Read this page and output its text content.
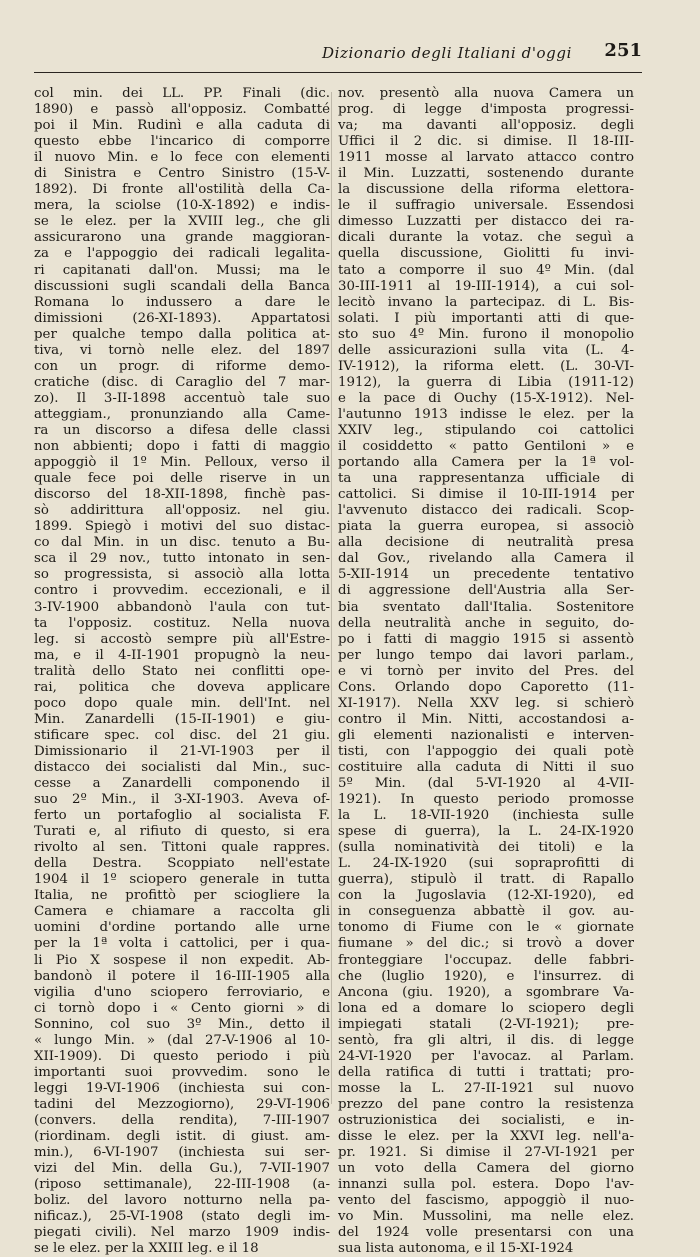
Dizionario degli Italiani d'oggi 251
col min. dei LL. PP. Finali (dic.
1890) e passò all'opposiz. Combatté
poi il Min. Rudinì e alla caduta di
questo ebbe l'incarico di comporre
il nuovo Min. e lo fece con elementi
di Sinistra e Centro Sinistro (15-V-
1892). Di fronte all'ostilità della Ca-
mera, la sciolse (10-X-1892) e indis-
se le elez. per la XVIII leg., che gli
assicurarono una grande maggioran-
za e l'appoggio dei radicali legalita-
ri capitanati dall'on. Mussi; ma le
discussioni sugli scandali della Banca
Romana lo indussero a dare le
dimissioni (26-XI-1893). Appartatosi
per qualche tempo dalla politica at-
tiva, vi tornò nelle elez. del 1897
con un progr. di riforme demo-
cratiche (disc. di Caraglio del 7 mar-
zo). Il 3-II-1898 accentuò tale suo
atteggiam., pronunziando alla Came-
ra un discorso a difesa delle classi
non abbienti; dopo i fatti di maggio
appoggiò il 1º Min. Pelloux, verso il
quale fece poi delle riserve in un
discorso del 18-XII-1898, finchè pas-
sò addirittura all'opposiz. nel giu.
1899. Spiegò i motivi del suo distac-
co dal Min. in un disc. tenuto a Bu-
sca il 29 nov., tutto intonato in sen-
so progressista, si associò alla lotta
contro i provvedim. eccezionali, e il
3-IV-1900 abbandonò l'aula con tut-
ta l'opposiz. costituz. Nella nuova
leg. si accostò sempre più all'Estre-
ma, e il 4-II-1901 propugnò la neu-
tralità dello Stato nei conflitti ope-
rai, politica che doveva applicare
poco dopo quale min. dell'Int. nel
Min. Zanardelli (15-II-1901) e giu-
stificare spec. col disc. del 21 giu.
Dimissionario il 21-VI-1903 per il
distacco dei socialisti dal Min., suc-
cesse a Zanardelli componendo il
suo 2º Min., il 3-XI-1903. Aveva of-
ferto un portafoglio al socialista F.
Turati e, al rifiuto di questo, si era
rivolto al sen. Tittoni quale rappres.
della Destra. Scoppiato nell'estate
1904 il 1º sciopero generale in tutta
Italia, ne profittò per sciogliere la
Camera e chiamare a raccolta gli
uomini d'ordine portando alle urne
per la 1ª volta i cattolici, per i qua-
li Pio X sospese il non expedit. Ab-
bandonò il potere il 16-III-1905 alla
vigilia d'uno sciopero ferroviario, e
ci tornò dopo i « Cento giorni » di
Sonnino, col suo 3º Min., detto il
« lungo Min. » (dal 27-V-1906 al 10-
XII-1909). Di questo periodo i più
importanti suoi provvedim. sono le
leggi 19-VI-1906 (inchiesta sui con-
tadini del Mezzogiorno), 29-VI-1906
(convers. della rendita), 7-III-1907
(riordinam. degli istit. di giust. am-
min.), 6-VI-1907 (inchiesta sui ser-
vizi del Min. della Gu.), 7-VII-1907
(riposo settimanale), 22-III-1908 (a-
boliz. del lavoro notturno nella pa-
nificaz.), 25-VI-1908 (stato degli im-
piegati civili). Nel marzo 1909 indis-
se le elez. per la XXIII leg. e il 18
nov. presentò alla nuova Camera un
prog. di legge d'imposta progressi-
va; ma davanti all'opposiz. degli
Uffici il 2 dic. si dimise. Il 18-III-
1911 mosse al larvato attacco contro
il Min. Luzzatti, sostenendo durante
la discussione della riforma elettora-
le il suffragio universale. Essendosi
dimesso Luzzatti per distacco dei ra-
dicali durante la votaz. che seguì a
quella discussione, Giolitti fu invi-
tato a comporre il suo 4º Min. (dal
30-III-1911 al 19-III-1914), a cui sol-
lecitò invano la partecipaz. di L. Bis-
solati. I più importanti atti di que-
sto suo 4º Min. furono il monopolio
delle assicurazioni sulla vita (L. 4-
IV-1912), la riforma elett. (L. 30-VI-
1912), la guerra di Libia (1911-12)
e la pace di Ouchy (15-X-1912). Nel-
l'autunno 1913 indisse le elez. per la
XXIV leg., stipulando coi cattolici
il cosiddetto « patto Gentiloni » e
portando alla Camera per la 1ª vol-
ta una rappresentanza ufficiale di
cattolici. Si dimise il 10-III-1914 per
l'avvenuto distacco dei radicali. Scop-
piata la guerra europea, si associò
alla decisione di neutralità presa
dal Gov., rivelando alla Camera il
5-XII-1914 un precedente tentativo
di aggressione dell'Austria alla Ser-
bia sventato dall'Italia. Sostenitore
della neutralità anche in seguito, do-
po i fatti di maggio 1915 si assentò
per lungo tempo dai lavori parlam.,
e vi tornò per invito del Pres. del
Cons. Orlando dopo Caporetto (11-
XI-1917). Nella XXV leg. si schierò
contro il Min. Nitti, accostandosi a-
gli elementi nazionalisti e interven-
tisti, con l'appoggio dei quali potè
costituire alla caduta di Nitti il suo
5º Min. (dal 5-VI-1920 al 4-VII-
1921). In questo periodo promosse
la L. 18-VII-1920 (inchiesta sulle
spese di guerra), la L. 24-IX-1920
(sulla nominatività dei titoli) e la
L. 24-IX-1920 (sui sopraprofitti di
guerra), stipulò il tratt. di Rapallo
con la Jugoslavia (12-XI-1920), ed
in conseguenza abbattè il gov. au-
tonomo di Fiume con le « giornate
fiumane » del dic.; si trovò a dover
fronteggiare l'occupaz. delle fabbri-
che (luglio 1920), e l'insurrez. di
Ancona (giu. 1920), a sgombrare Va-
lona ed a domare lo sciopero degli
impiegati statali (2-VI-1921); pre-
sentò, fra gli altri, il dis. di legge
24-VI-1920 per l'avocaz. al Parlam.
della ratifica di tutti i trattati; pro-
mosse la L. 27-II-1921 sul nuovo
prezzo del pane contro la resistenza
ostruzionistica dei socialisti, e in-
disse le elez. per la XXVI leg. nell'a-
pr. 1921. Si dimise il 27-VI-1921 per
un voto della Camera del giorno
innanzi sulla pol. estera. Dopo l'av-
vento del fascismo, appoggiò il nuo-
vo Min. Mussolini, ma nelle elez.
del 1924 volle presentarsi con una
sua lista autonoma, e il 15-XI-1924
